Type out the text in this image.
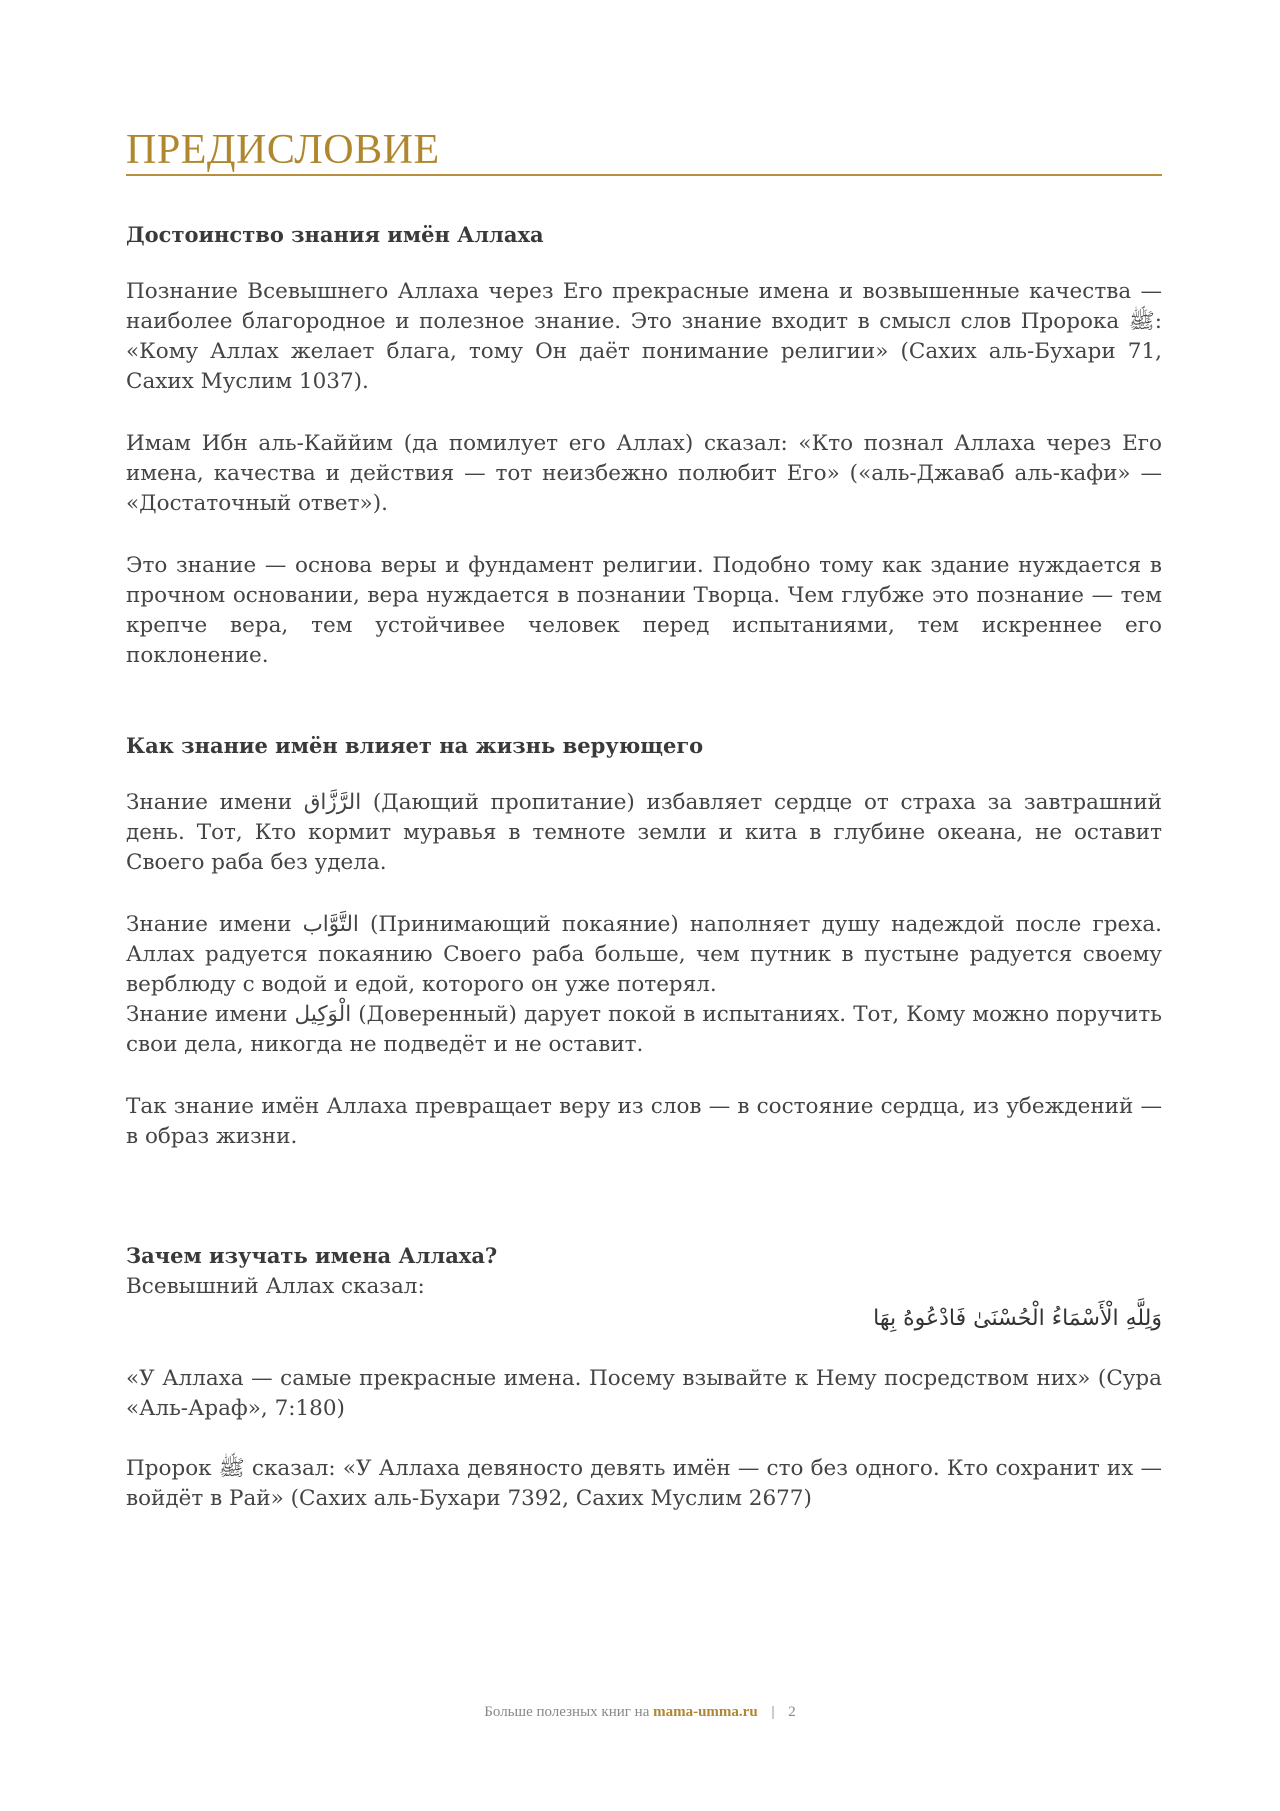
ПРЕДИСЛОВИЕ
Достоинство знания имён Аллаха

Познание Всевышнего Аллаха через Его прекрасные имена и возвышенные качества — наиболее благородное и полезное знание. Это знание входит в смысл слов Пророка ﷺ: «Кому Аллах желает блага, тому Он даёт понимание религии» (Сахих аль-Бухари 71, Сахих Муслим 1037).

Имам Ибн аль-Каййим (да помилует его Аллах) сказал: «Кто познал Аллаха через Его имена, качества и действия — тот неизбежно полюбит Его» («аль-Джаваб аль-кафи» — «Достаточный ответ»).

Это знание — основа веры и фундамент религии. Подобно тому как здание нуждается в прочном основании, вера нуждается в познании Творца. Чем глубже это познание — тем крепче вера, тем устойчивее человек перед испытаниями, тем искреннее его поклонение.

Как знание имён влияет на жизнь верующего

Знание имени الرَّزَّاق (Дающий пропитание) избавляет сердце от страха за завтрашний день. Тот, Кто кормит муравья в темноте земли и кита в глубине океана, не оставит Своего раба без удела.

Знание имени التَّوَّاب (Принимающий покаяние) наполняет душу надеждой после греха. Аллах радуется покаянию Своего раба больше, чем путник в пустыне радуется своему верблюду с водой и едой, которого он уже потерял.

Знание имени الْوَكِيل (Доверенный) дарует покой в испытаниях. Тот, Кому можно поручить свои дела, никогда не подведёт и не оставит.

Так знание имён Аллаха превращает веру из слов — в состояние сердца, из убеждений — в образ жизни.

Зачем изучать имена Аллаха?

Всевышний Аллах сказал:

وَلِلَّهِ الْأَسْمَاءُ الْحُسْنَىٰ فَادْعُوهُ بِهَا

«У Аллаха — самые прекрасные имена. Посему взывайте к Нему посредством них» (Сура «Аль-Араф», 7:180)

Пророк ﷺ сказал: «У Аллаха девяносто девять имён — сто без одного. Кто сохранит их — войдёт в Рай» (Сахих аль-Бухари 7392, Сахих Муслим 2677)

Больше полезных книг на mama-umma.ru | 2
